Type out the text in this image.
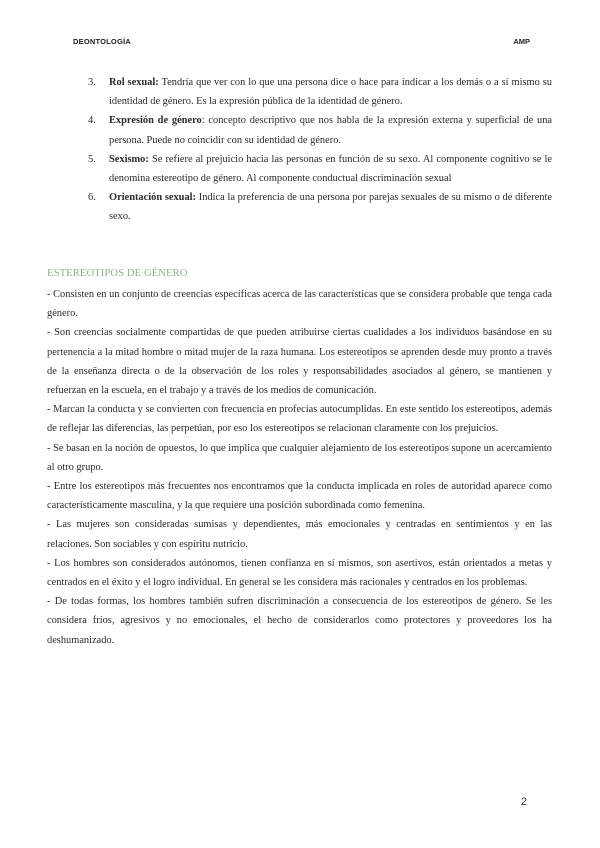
DEONTOLOGÍA	AMP
3. Rol sexual: Tendría que ver con lo que una persona dice o hace para indicar a los demás o a sí mismo su identidad de género. Es la expresión pública de la identidad de género.
4. Expresión de género: concepto descriptivo que nos habla de la expresión externa y superficial de una persona. Puede no coincidir con su identidad de género.
5. Sexismo: Se refiere al prejuicio hacia las personas en función de su sexo. Al componente cognitivo se le denomina estereotipo de género. Al componente conductual discriminación sexual
6. Orientación sexual: Indica la preferencia de una persona por parejas sexuales de su mismo o de diferente sexo.
ESTEREOTIPOS DE GÉNERO

- Consisten en un conjunto de creencias específicas acerca de las características que se considera probable que tenga cada género.

- Son creencias socialmente compartidas de que pueden atribuirse ciertas cualidades a los individuos basándose en su pertenencia a la mitad hombre o mitad mujer de la raza humana. Los estereotipos se aprenden desde muy pronto a través de la enseñanza directa o de la observación de los roles y responsabilidades asociados al género, se mantienen y refuerzan en la escuela, en el trabajo y a través de los medios de comunicación.

- Marcan la conducta y se convierten con frecuencia en profecías autocumplidas. En este sentido los estereotipos, además de reflejar las diferencias, las perpetúan, por eso los estereotipos se relacionan claramente con los prejuicios.

- Se basan en la noción de opuestos, lo que implica que cualquier alejamiento de los estereotipos supone un acercamiento al otro grupo.

- Entre los estereotipos más frecuentes nos encontramos que la conducta implicada en roles de autoridad aparece como característicamente masculina, y la que requiere una posición subordinada como femenina.

- Las mujeres son consideradas sumisas y dependientes, más emocionales y centradas en sentimientos y en las relaciones. Son sociables y con espíritu nutricio.

- Los hombres son considerados autónomos, tienen confianza en sí mismos, son asertivos, están orientados a metas y centrados en el éxito y el logro individual. En general se les considera más racionales y centrados en los problemas.

- De todas formas, los hombres también sufren discriminación a consecuencia de los estereotipos de género. Se les considera fríos, agresivos y no emocionales, el hecho de considerarlos como protectores y proveedores los ha deshumanizado.

2
